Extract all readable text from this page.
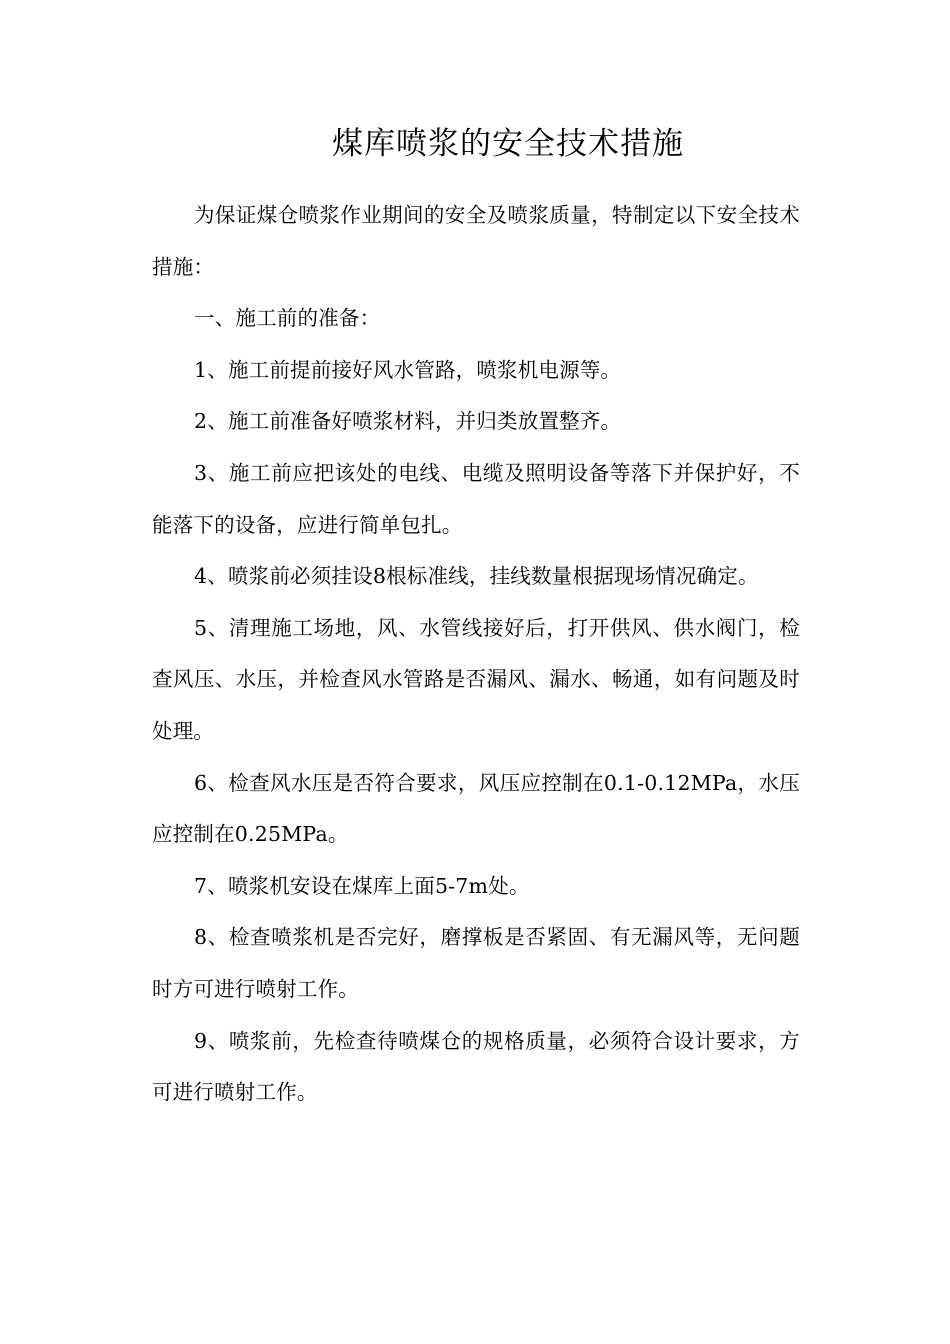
煤库喷浆的安全技术措施

为保证煤仓喷浆作业期间的安全及喷浆质量，特制定以下安全技术措施：

一、施工前的准备：

1、施工前提前接好风水管路，喷浆机电源等。

2、施工前准备好喷浆材料，并归类放置整齐。

3、施工前应把该处的电线、电缆及照明设备等落下并保护好，不能落下的设备，应进行简单包扎。

4、喷浆前必须挂设8根标准线，挂线数量根据现场情况确定。

5、清理施工场地，风、水管线接好后，打开供风、供水阀门，检查风压、水压，并检查风水管路是否漏风、漏水、畅通，如有问题及时处理。

6、检查风水压是否符合要求，风压应控制在0.1-0.12MPa，水压应控制在0.25MPa。

7、喷浆机安设在煤库上面5-7m处。

8、检查喷浆机是否完好，磨撑板是否紧固、有无漏风等，无问题时方可进行喷射工作。

9、喷浆前，先检查待喷煤仓的规格质量，必须符合设计要求，方可进行喷射工作。
